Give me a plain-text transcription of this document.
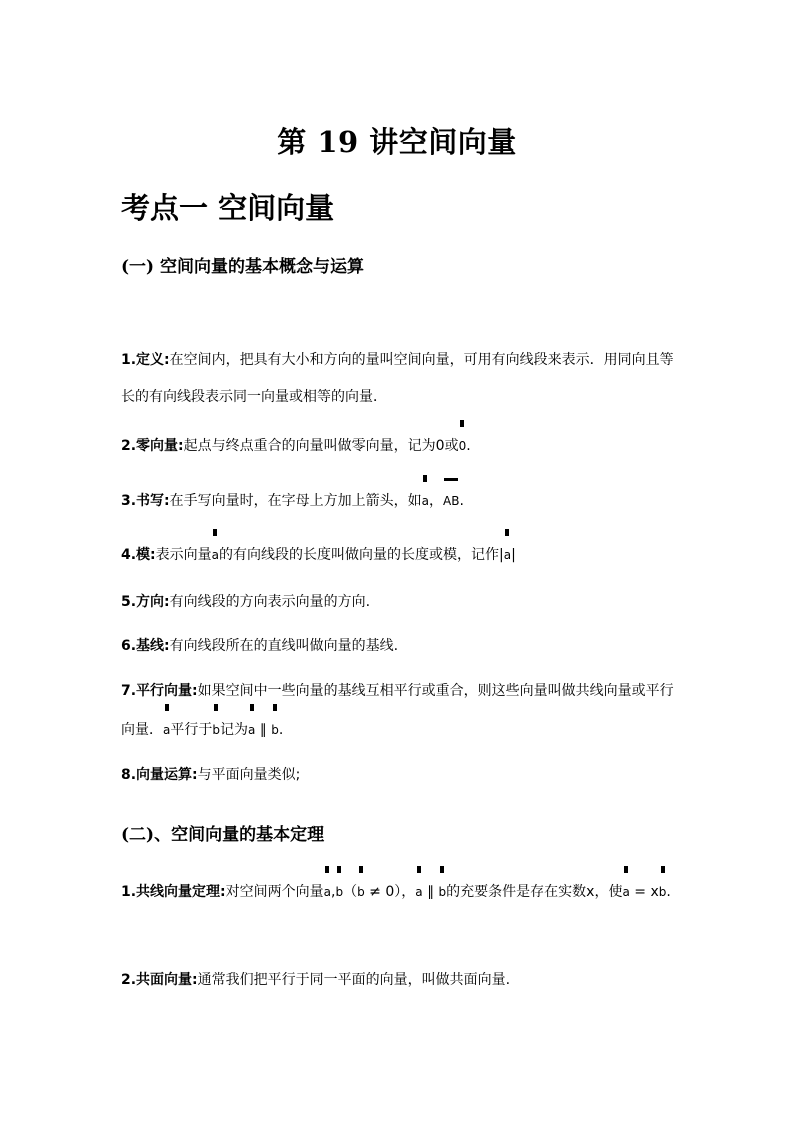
第 19 讲空间向量
考点一 空间向量
(一) 空间向量的基本概念与运算
1.定义:在空间内，把具有大小和方向的量叫空间向量，可用有向线段来表示．用同向且等长的有向线段表示同一向量或相等的向量．
2.零向量:起点与终点重合的向量叫做零向量，记为0或0.
3.书写:在手写向量时，在字母上方加上箭头，如a，AB.
4.模:表示向量a的有向线段的长度叫做向量的长度或模，记作|a|
5.方向:有向线段的方向表示向量的方向.
6.基线:有向线段所在的直线叫做向量的基线.
7.平行向量:如果空间中一些向量的基线互相平行或重合，则这些向量叫做共线向量或平行向量．a平行于b记为a ∥ b.
8.向量运算:与平面向量类似;
(二)、空间向量的基本定理
1.共线向量定理:对空间两个向量a,b（b ≠ 0），a ∥ b的充要条件是存在实数x，使a = xb.
2.共面向量:通常我们把平行于同一平面的向量，叫做共面向量.
